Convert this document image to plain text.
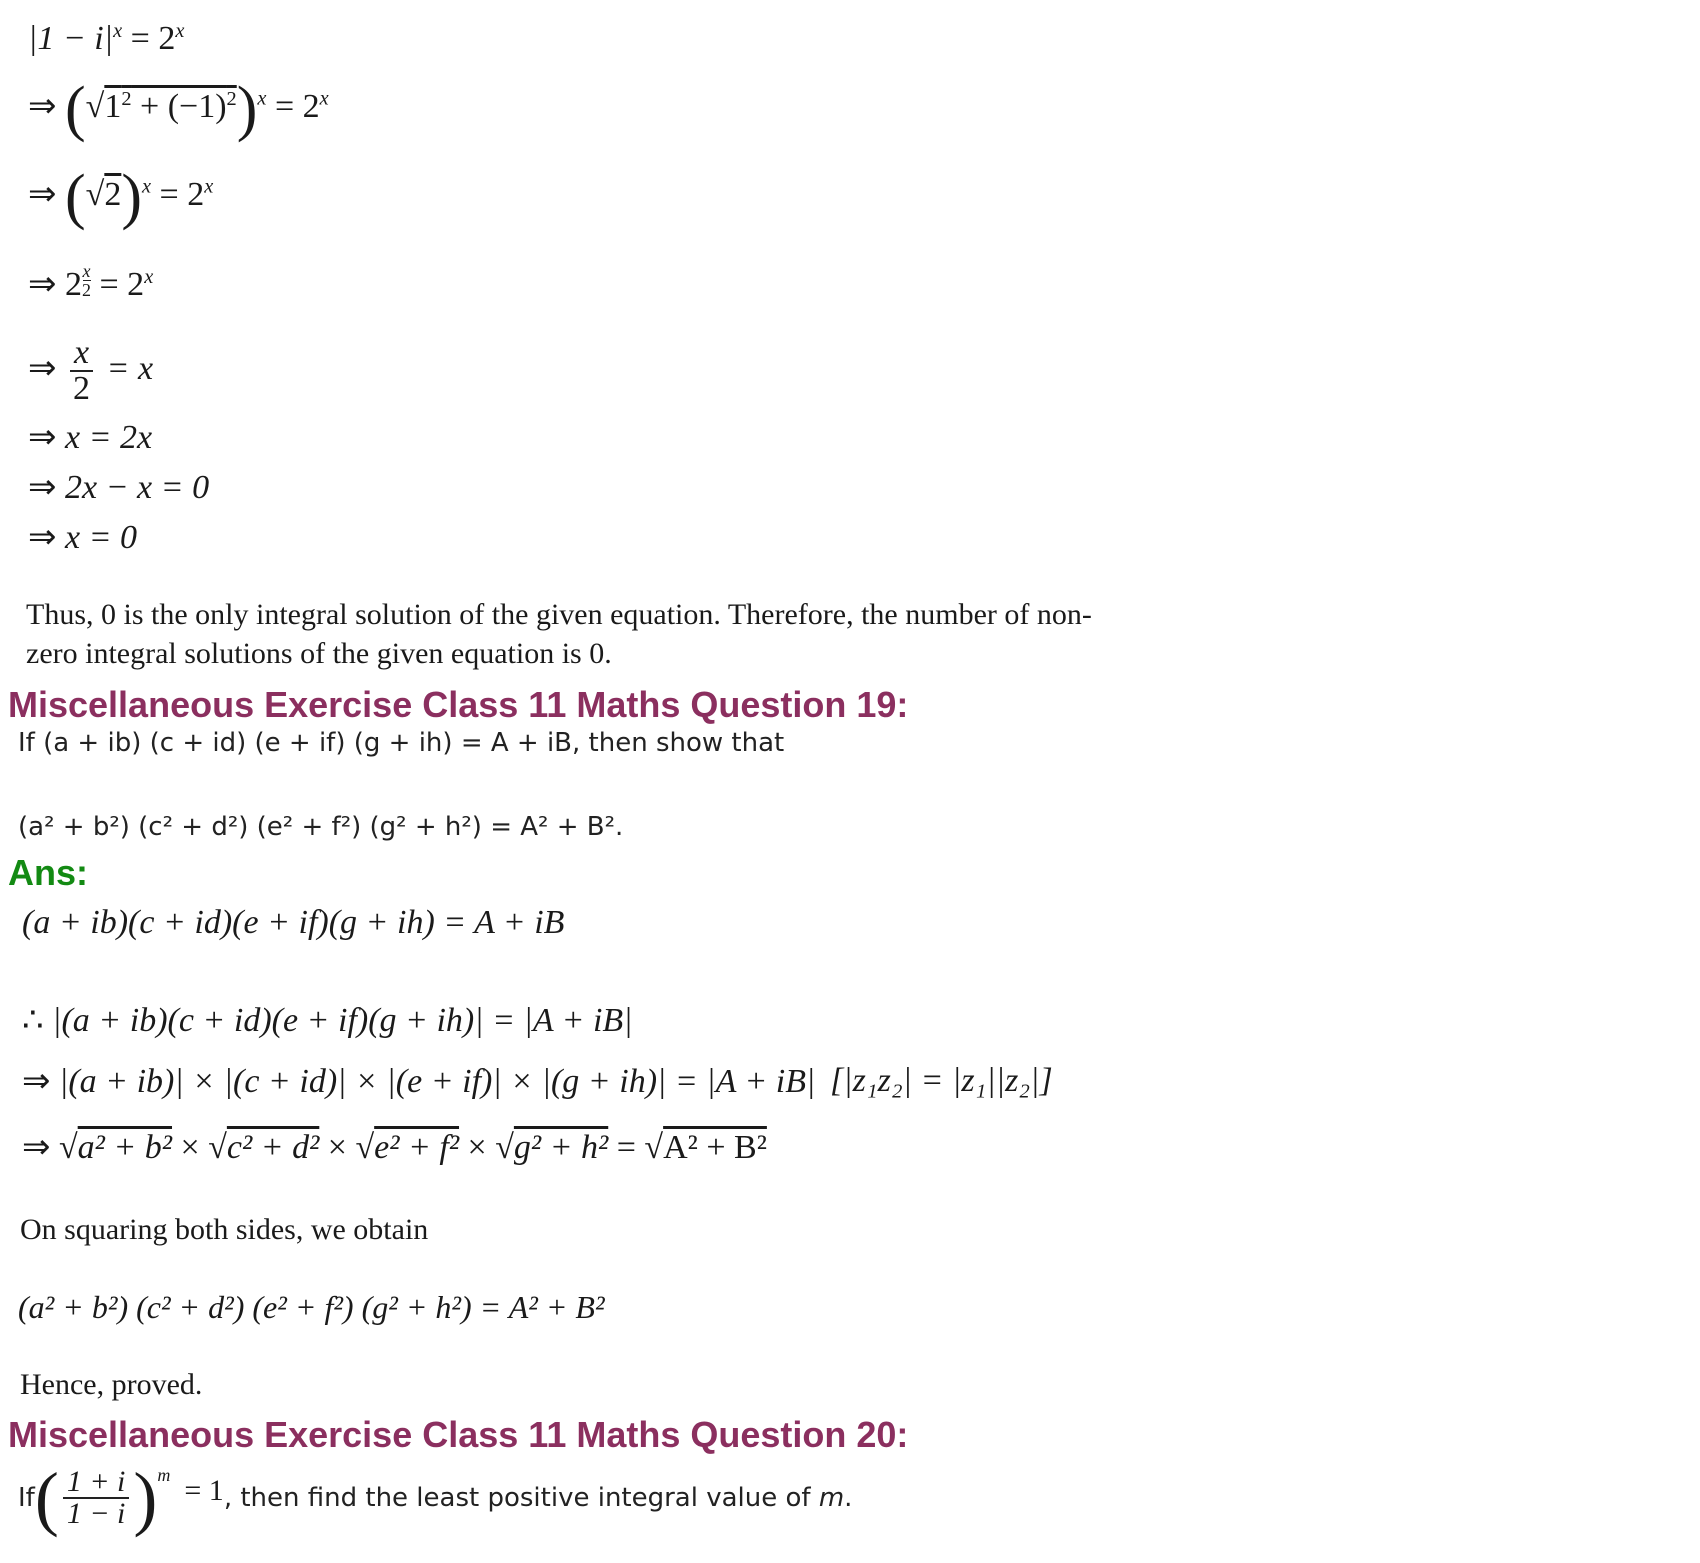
$|1 - i|^x = 2^x$
⇒ $(√1^2 + (-1)^2)^x = 2^x$
⇒ $(√2)^x = 2^x$
⇒ $2 \frac{x}{2} = 2^x$
⇒ $\frac{x}{2} = x$
⇒ x = 2x
⇒ 2x − x = 0
⇒ x = 0
Thus, 0 is the only integral solution of the given equation. Therefore, the number of non-
zero integral solutions of the given equation is 0.
Miscellaneous Exercise Class 11 Maths Question 19:
If (a + ib) (c + id) (e + if) (g + ih) = A + iB, then show that
(a² + b²) (c² + d²) (e² + f²) (g² + h²) = A² + B².
Ans:
(a + ib)(c + id)(e + if)(g + ih) = A + iB
∴ |(a + ib)(c + id)(e + if)(g + ih)| = |A + iB|
⇒ |(a + ib)| × |(c + id)| × |(e + if)| × |(g + ih)| = |A + iB| [|z₁z₂| = |z₁||z₂|]
⇒ √a² + b² × √c² + d² × √e² + f² × √g² + h² = √A² + B²
On squaring both sides, we obtain
(a² + b²) (c² + d²) (e² + f²) (g² + h²) = A² + B²
Hence, proved.
Miscellaneous Exercise Class 11 Maths Question 20:
If ( $\frac{1 + i}{1 - i}$ ) m = 1 , then find the least positive integral value of m .
